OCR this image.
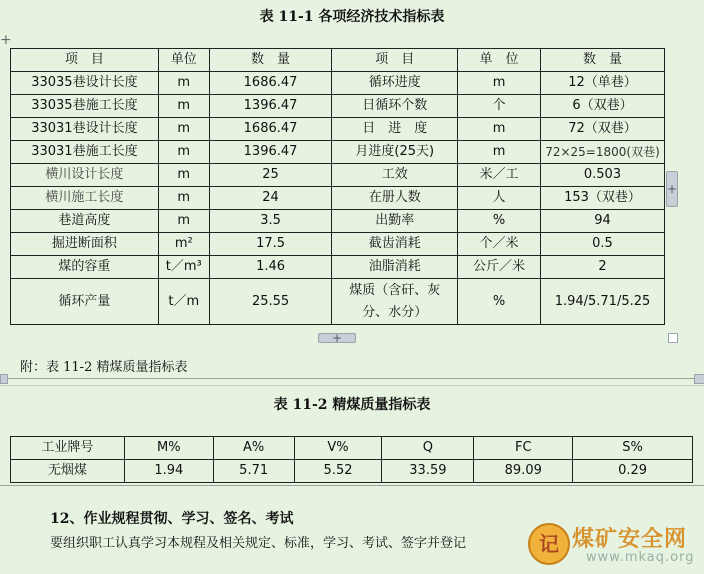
表 11-1 各项经济技术指标表
项　目	单位	数　量	项　目	单　位	数　量
33035巷设计长度	m	1686.47	循环进度	m	12（单巷）
33035巷施工长度	m	1396.47	日循环个数	个	6（双巷）
33031巷设计长度	m	1686.47	日　进　度	m	72（双巷）
33031巷施工长度	m	1396.47	月进度(25天)	m	72×25=1800(双巷)
横川设计长度	m	25	工效	米／工	0.503
横川施工长度	m	24	在册人数	人	153（双巷）
巷道高度	m	3.5	出勤率	%	94
掘进断面积	m²	17.5	截齿消耗	个／米	0.5
煤的容重	t／m³	1.46	油脂消耗	公斤／米	2
循环产量	t／m	25.55	煤质（含矸、灰分、水分）	%	1.94/5.71/5.25
+
+
+
附：表 11-2 精煤质量指标表
表 11-2 精煤质量指标表
工业牌号	M%	A%	V%	Q	FC	S%
无烟煤	1.94	5.71	5.52	33.59	89.09	0.29
12、作业规程贯彻、学习、签名、考试
要组织职工认真学习本规程及相关规定、标准，学习、考试、签字并登记	记 煤矿安全网
www.mkaq.org
